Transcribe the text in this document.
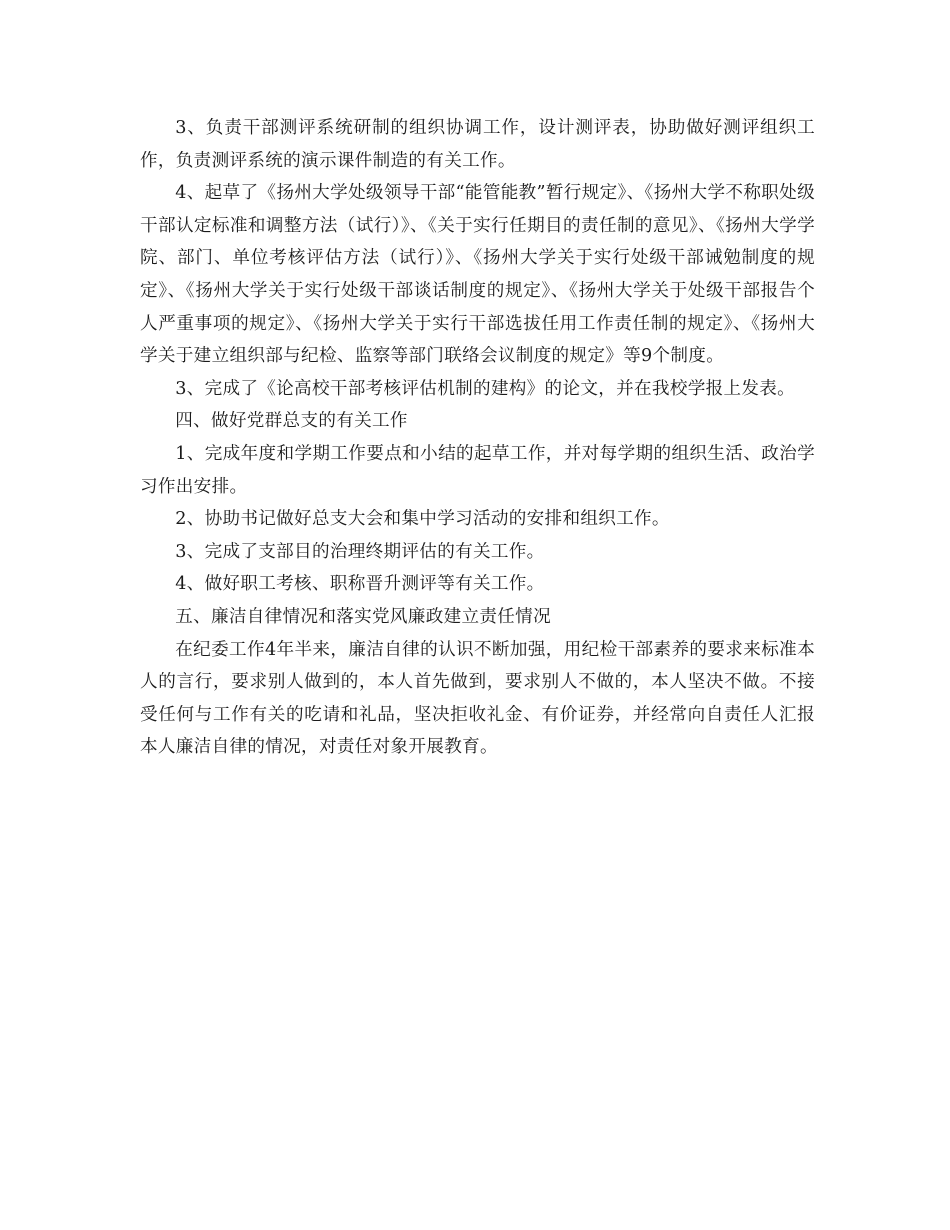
3、负责干部测评系统研制的组织协调工作，设计测评表，协助做好测评组织工作，负责测评系统的演示课件制造的有关工作。

4、起草了《扬州大学处级领导干部“能管能教”暂行规定》、《扬州大学不称职处级干部认定标准和调整方法（试行）》、《关于实行任期目的责任制的意见》、《扬州大学学院、部门、单位考核评估方法（试行）》、《扬州大学关于实行处级干部诫勉制度的规定》、《扬州大学关于实行处级干部谈话制度的规定》、《扬州大学关于处级干部报告个人严重事项的规定》、《扬州大学关于实行干部选拔任用工作责任制的规定》、《扬州大学关于建立组织部与纪检、监察等部门联络会议制度的规定》等9个制度。

3、完成了《论高校干部考核评估机制的建构》的论文，并在我校学报上发表。

四、做好党群总支的有关工作

1、完成年度和学期工作要点和小结的起草工作，并对每学期的组织生活、政治学习作出安排。

2、协助书记做好总支大会和集中学习活动的安排和组织工作。

3、完成了支部目的治理终期评估的有关工作。

4、做好职工考核、职称晋升测评等有关工作。

五、廉洁自律情况和落实党风廉政建立责任情况

在纪委工作4年半来，廉洁自律的认识不断加强，用纪检干部素养的要求来标准本人的言行，要求别人做到的，本人首先做到，要求别人不做的，本人坚决不做。不接受任何与工作有关的吃请和礼品，坚决拒收礼金、有价证券，并经常向自责任人汇报本人廉洁自律的情况，对责任对象开展教育。
